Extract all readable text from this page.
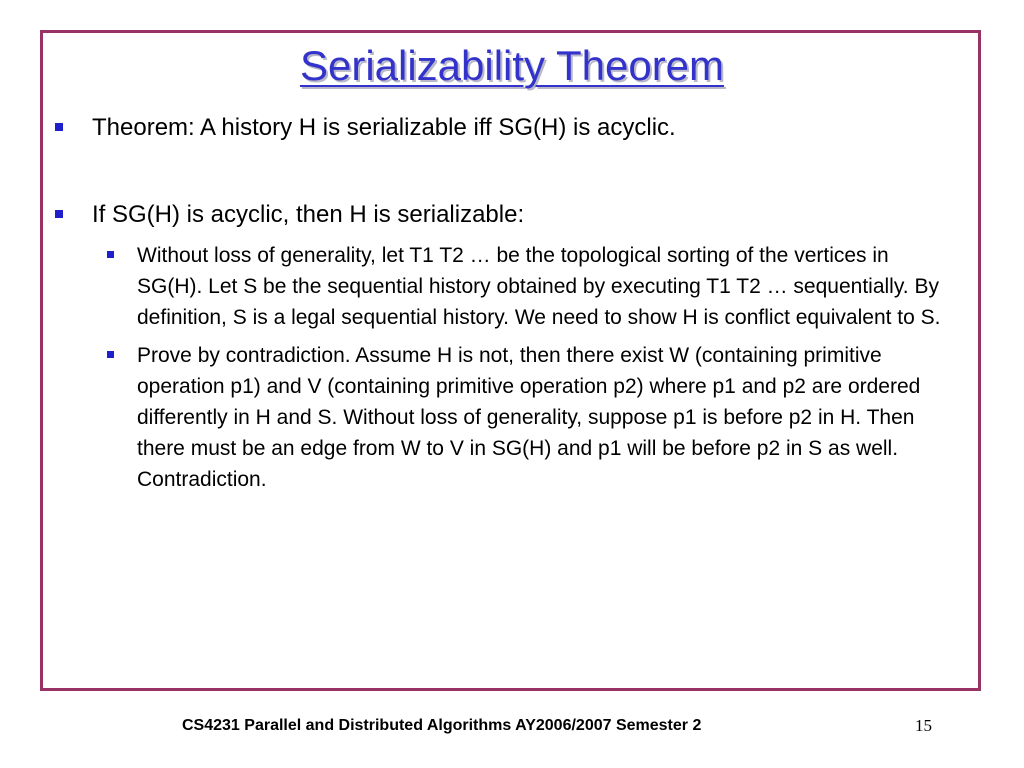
Serializability Theorem
Theorem: A history H is serializable iff SG(H) is acyclic.
If SG(H) is acyclic, then H is serializable:
Without loss of generality, let T1 T2 … be the topological sorting of the vertices in SG(H). Let S be the sequential history obtained by executing T1 T2 … sequentially. By definition, S is a legal sequential history. We need to show H is conflict equivalent to S.
Prove by contradiction. Assume H is not, then there exist W (containing primitive operation p1) and V (containing primitive operation p2) where p1 and p2 are ordered differently in H and S. Without loss of generality, suppose p1 is before p2 in H. Then there must be an edge from W to V in SG(H) and p1 will be before p2 in S as well. Contradiction.
CS4231 Parallel and Distributed Algorithms AY2006/2007 Semester 2	15
